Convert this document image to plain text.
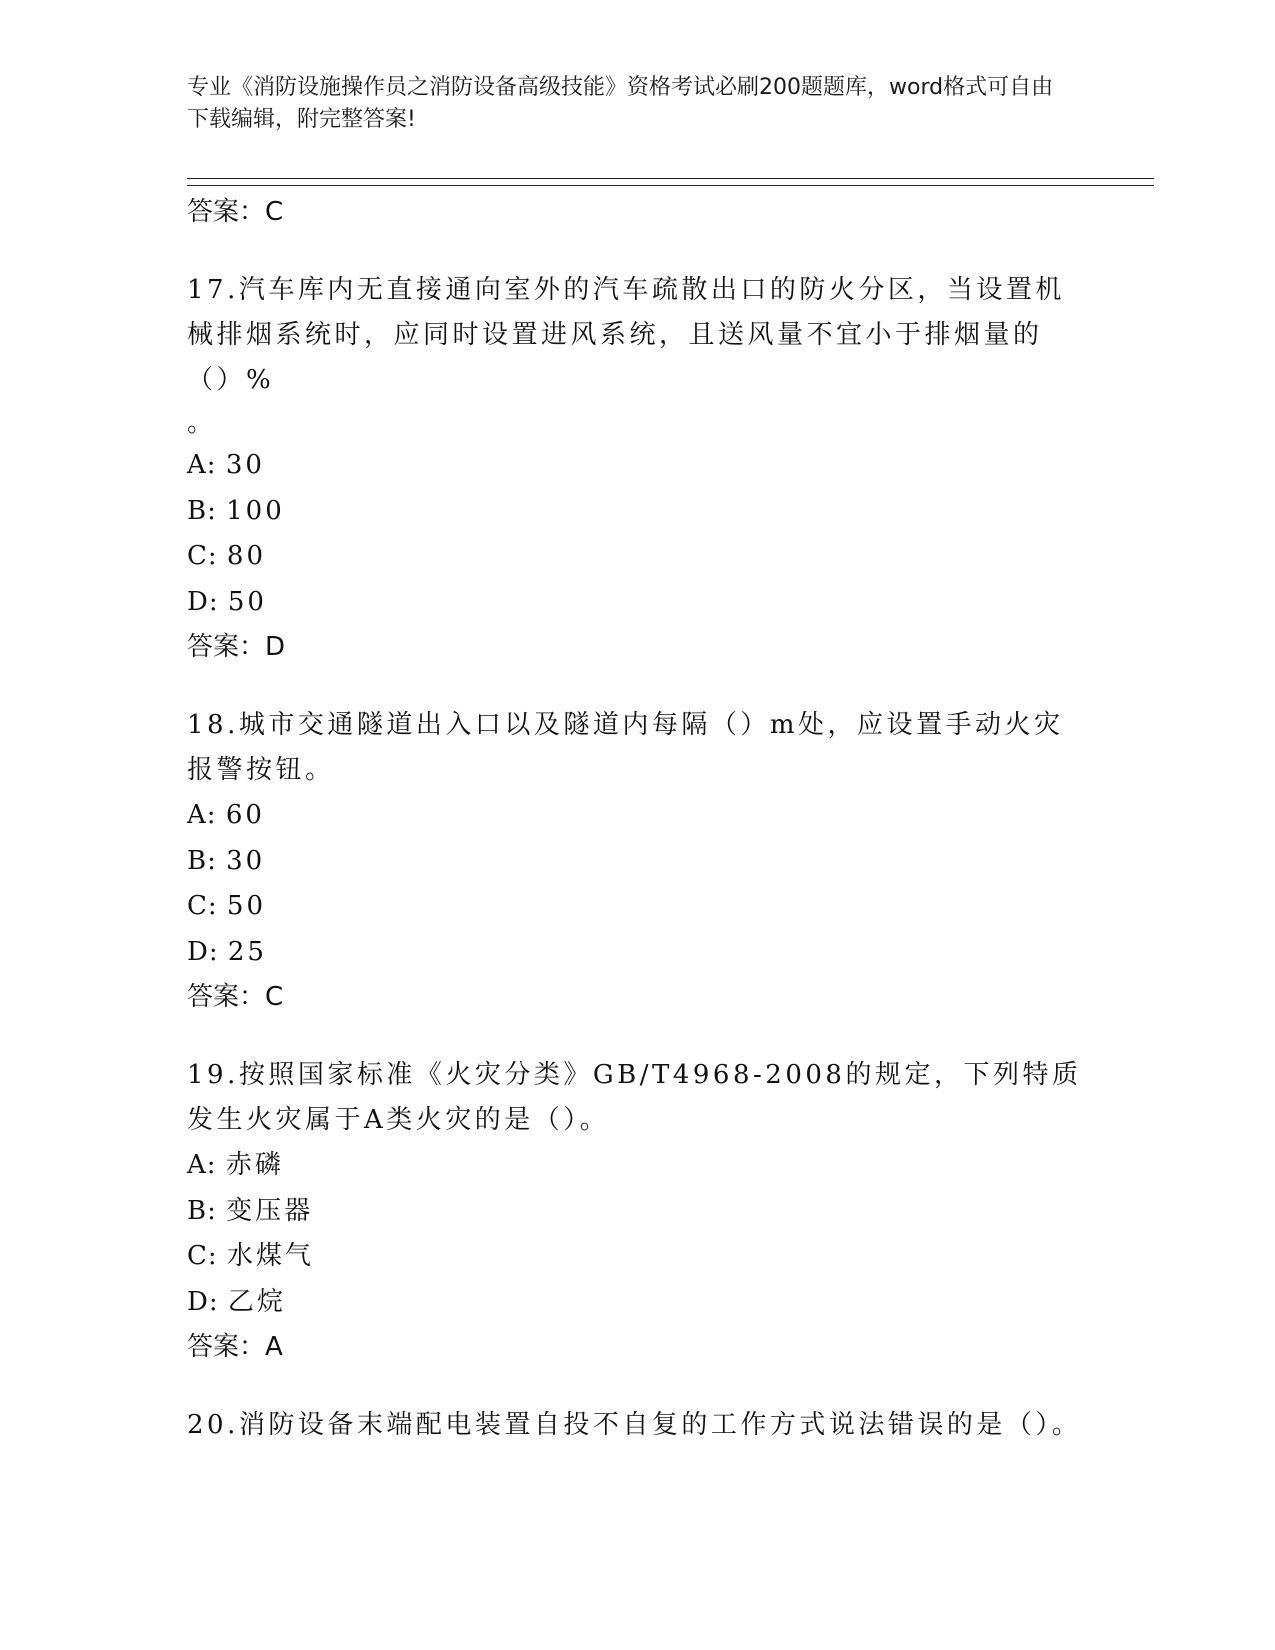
专业《消防设施操作员之消防设备高级技能》资格考试必刷200题题库，word格式可自由下载编辑，附完整答案!

答案：C

17.汽车库内无直接通向室外的汽车疏散出口的防火分区，当设置机械排烟系统时，应同时设置进风系统，且送风量不宜小于排烟量的（）%

。

A: 30

B: 100

C: 80

D: 50

答案：D

18.城市交通隧道出入口以及隧道内每隔（）m处，应设置手动火灾报警按钮。

A: 60

B: 30

C: 50

D: 25

答案：C

19.按照国家标准《火灾分类》GB/T4968-2008的规定，下列特质发生火灾属于A类火灾的是（）。

A: 赤磷

B: 变压器

C: 水煤气

D: 乙烷

答案：A

20.消防设备末端配电装置自投不自复的工作方式说法错误的是（）。
